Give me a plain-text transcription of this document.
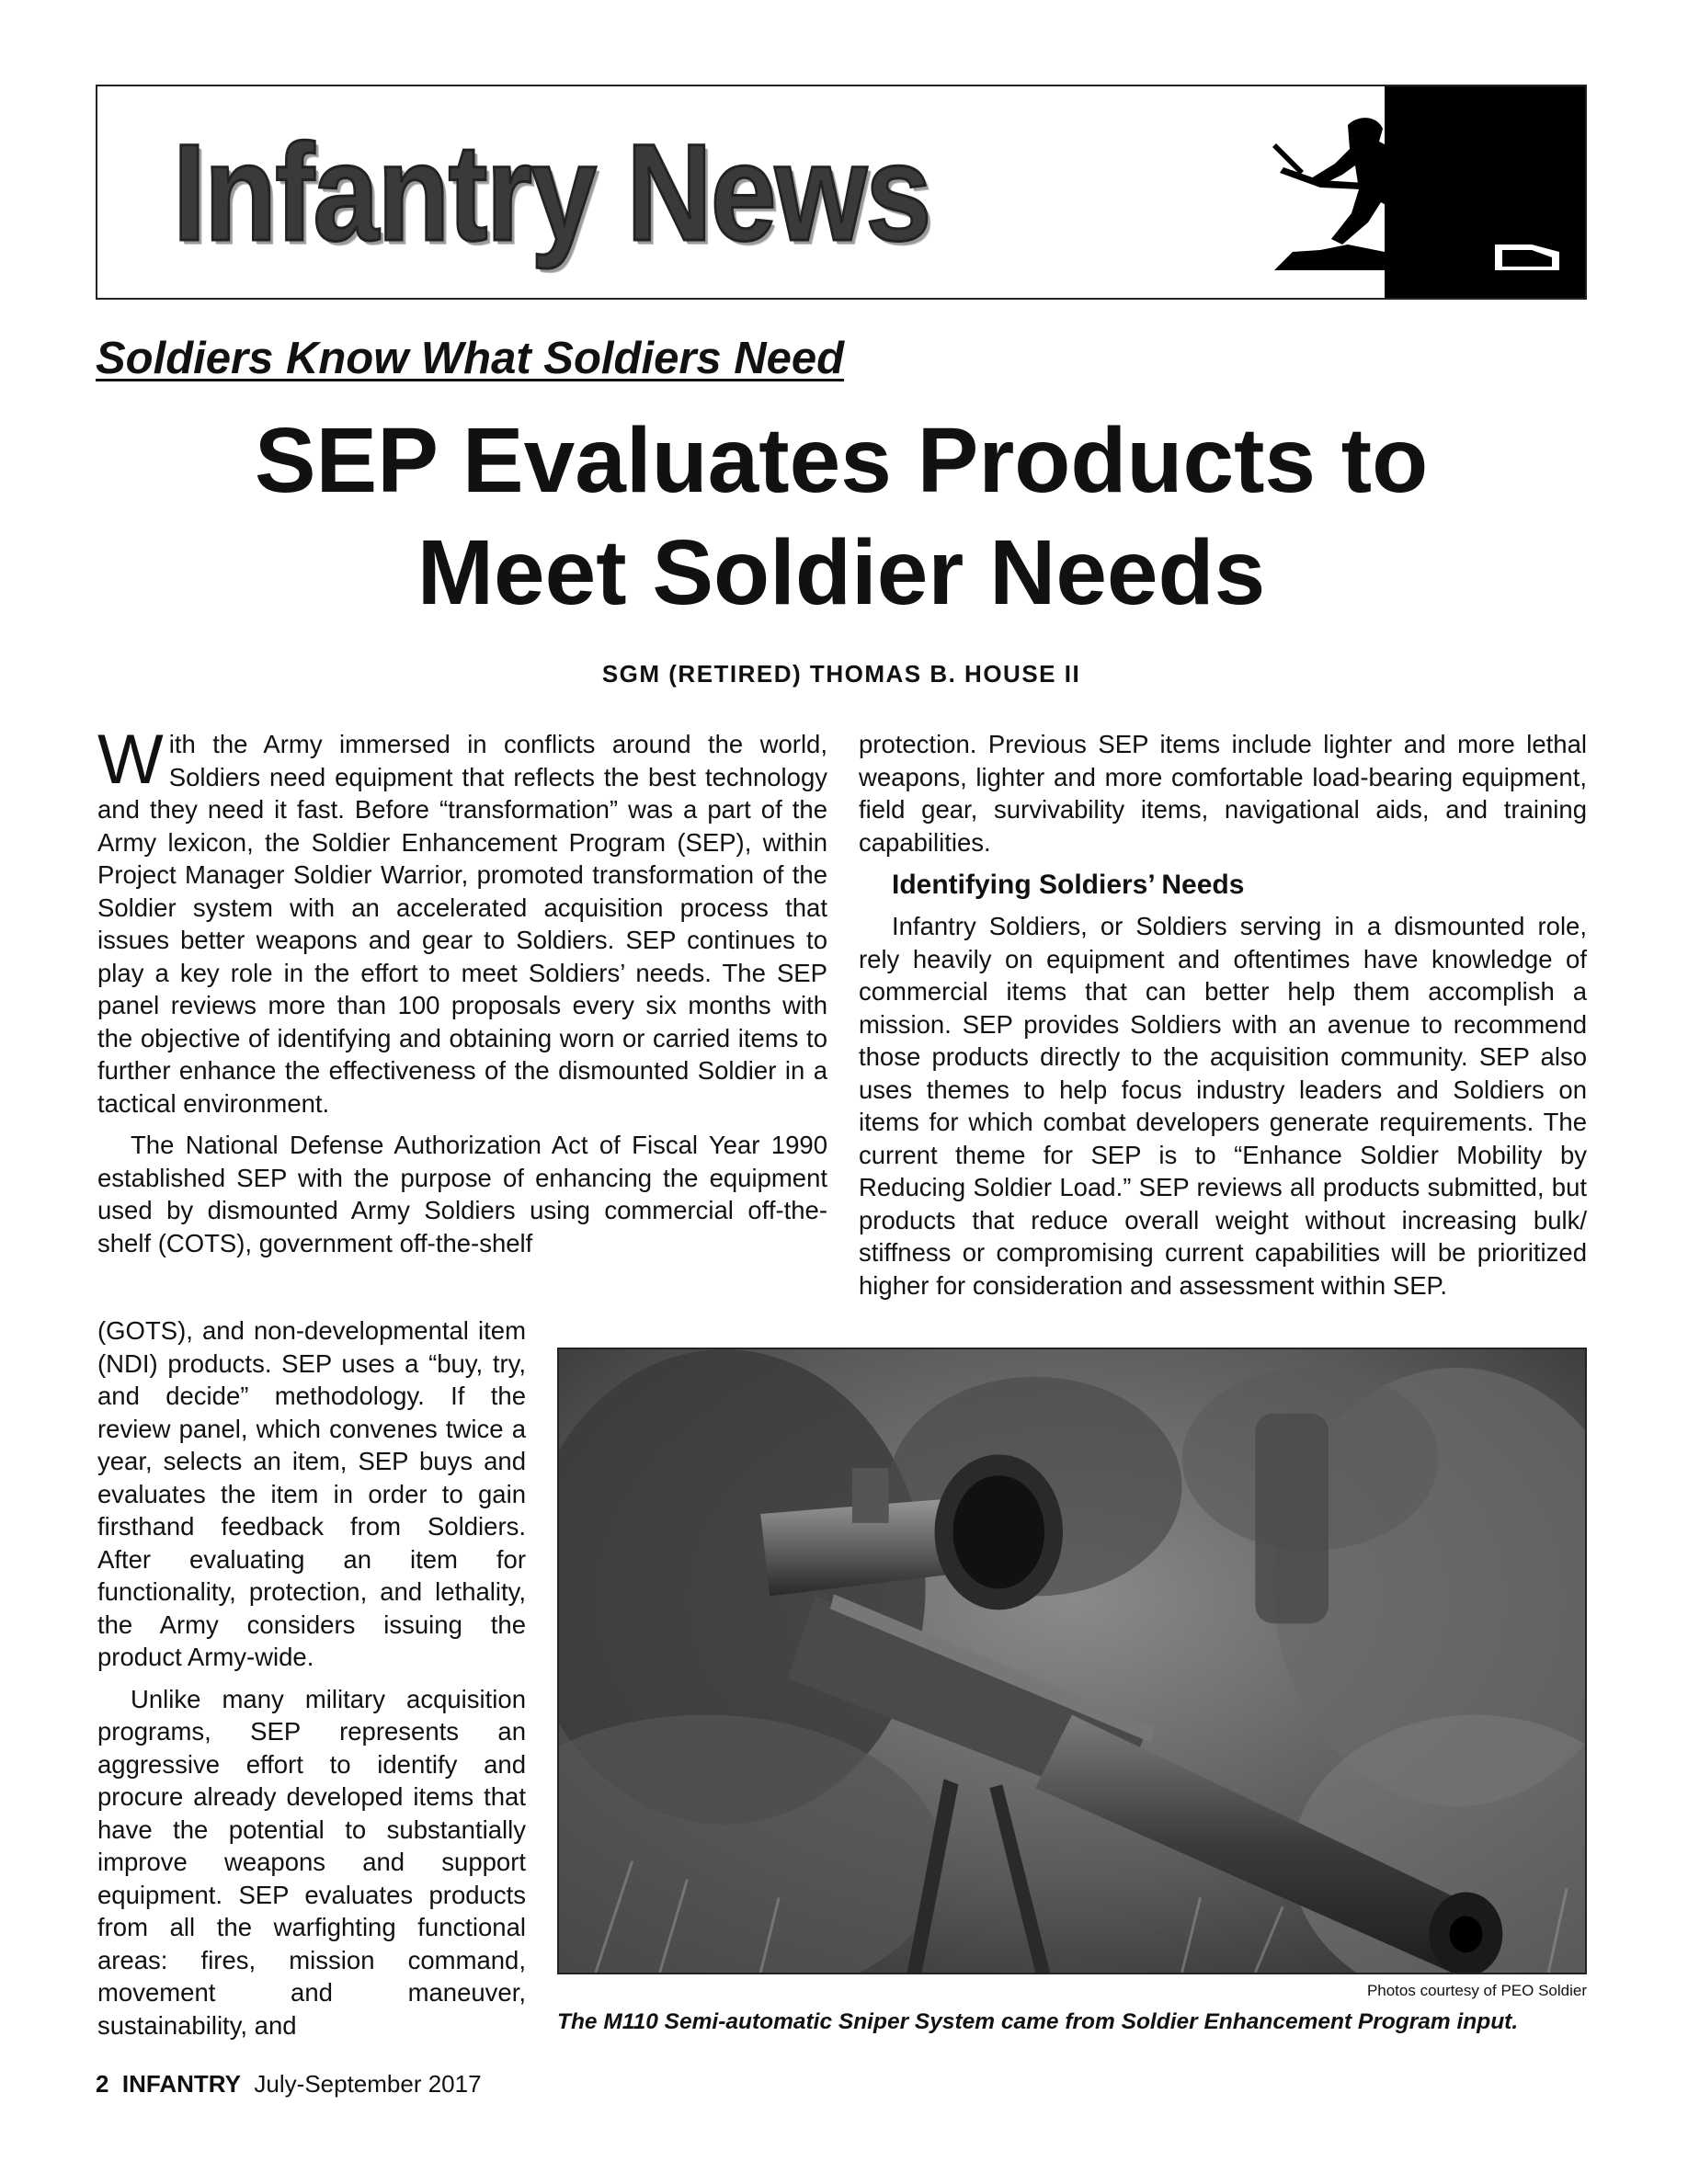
Infantry News
Soldiers Know What Soldiers Need
SEP Evaluates Products to
Meet Soldier Needs
SGM (RETIRED) THOMAS B. HOUSE II

With the Army immersed in conflicts around the world, Soldiers need equipment that reflects the best technology and they need it fast. Before “transformation” was a part of the Army lexicon, the Soldier Enhancement Program (SEP), within Project Manager Soldier Warrior, promoted transformation of the Soldier system with an accelerated acquisition process that issues better weapons and gear to Soldiers. SEP continues to play a key role in the effort to meet Soldiers’ needs. The SEP panel reviews more than 100 proposals every six months with the objective of identifying and obtaining worn or carried items to further enhance the effectiveness of the dismounted Soldier in a tactical environment.

The National Defense Authorization Act of Fiscal Year 1990 established SEP with the purpose of enhancing the equipment used by dismounted Army Soldiers using commercial off-the-shelf (COTS), government off-the-shelf

(GOTS), and non-developmental item (NDI) products. SEP uses a “buy, try, and decide” methodology. If the review panel, which convenes twice a year, selects an item, SEP buys and evaluates the item in order to gain firsthand feedback from Soldiers. After evaluating an item for functionality, protection, and lethality, the Army considers issuing the product Army-wide.

Unlike many military acquisition programs, SEP represents an aggressive effort to identify and procure already developed items that have the potential to substantially improve weapons and support equipment. SEP evaluates products from all the warfighting functional areas: fires, mission command, movement and maneuver, sustainability, and

protection. Previous SEP items include lighter and more lethal weapons, lighter and more comfortable load-bearing equipment, field gear, survivability items, navigational aids, and training capabilities.

Identifying Soldiers’ Needs

Infantry Soldiers, or Soldiers serving in a dismounted role, rely heavily on equipment and oftentimes have knowledge of commercial items that can better help them accomplish a mission. SEP provides Soldiers with an avenue to recommend those products directly to the acquisition community. SEP also uses themes to help focus industry leaders and Soldiers on items for which combat developers generate requirements. The current theme for SEP is to “Enhance Soldier Mobility by Reducing Soldier Load.” SEP reviews all products submitted, but products that reduce overall weight without increasing bulk/ stiffness or compromising current capabilities will be prioritized higher for consideration and assessment within SEP.

Photos courtesy of PEO Soldier
The M110 Semi-automatic Sniper System came from Soldier Enhancement Program input.
2 INFANTRY July-September 2017
